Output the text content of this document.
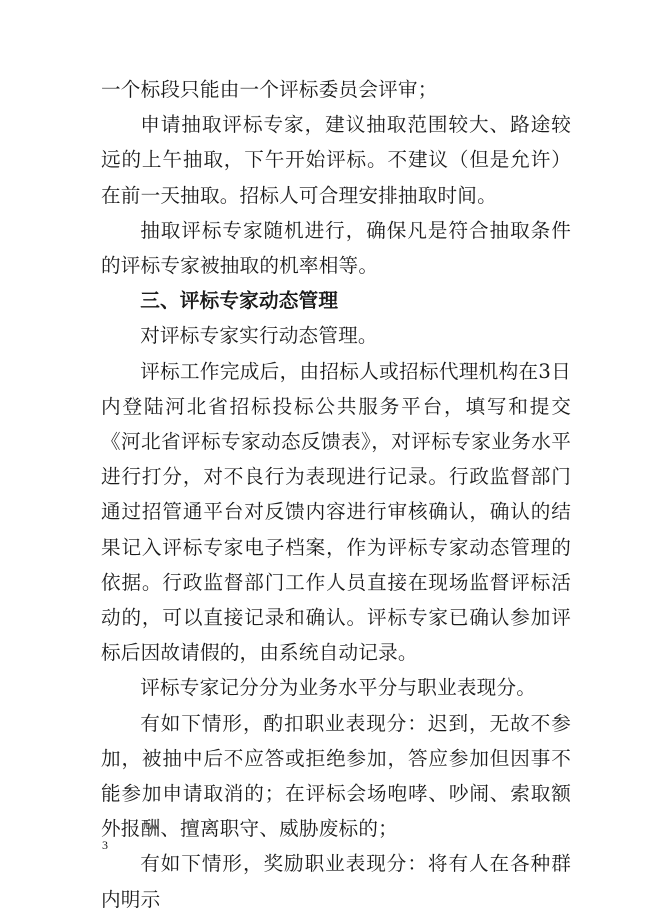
一个标段只能由一个评标委员会评审；

申请抽取评标专家，建议抽取范围较大、路途较远的上午抽取，下午开始评标。不建议（但是允许）在前一天抽取。招标人可合理安排抽取时间。

抽取评标专家随机进行，确保凡是符合抽取条件的评标专家被抽取的机率相等。

三、评标专家动态管理

对评标专家实行动态管理。

评标工作完成后，由招标人或招标代理机构在3日内登陆河北省招标投标公共服务平台，填写和提交《河北省评标专家动态反馈表》，对评标专家业务水平进行打分，对不良行为表现进行记录。行政监督部门通过招管通平台对反馈内容进行审核确认，确认的结果记入评标专家电子档案，作为评标专家动态管理的依据。行政监督部门工作人员直接在现场监督评标活动的，可以直接记录和确认。评标专家已确认参加评标后因故请假的，由系统自动记录。

评标专家记分分为业务水平分与职业表现分。

有如下情形，酌扣职业表现分：迟到，无故不参加，被抽中后不应答或拒绝参加，答应参加但因事不能参加申请取消的；在评标会场咆哮、吵闹、索取额外报酬、擅离职守、威胁废标的；

有如下情形，奖励职业表现分：将有人在各种群内明示

3
